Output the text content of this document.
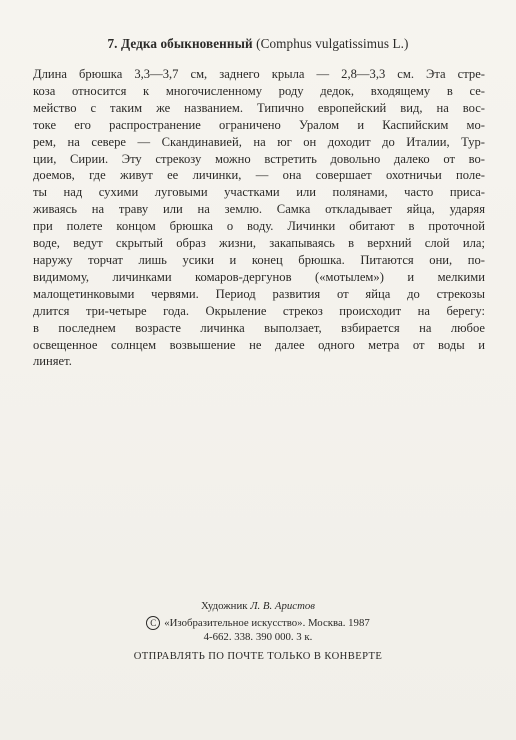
7. Дедка обыкновенный (Comphus vulgatissimus L.)
Длина брюшка 3,3—3,7 см, заднего крыла — 2,8—3,3 см. Эта стре-
коза относится к многочисленному роду дедок, входящему в се-
мейство с таким же названием. Типично европейский вид, на вос-
токе его распространение ограничено Уралом и Каспийским мо-
рем, на севере — Скандинавией, на юг он доходит до Италии, Тур-
ции, Сирии. Эту стрекозу можно встретить довольно далеко от во-
доемов, где живут ее личинки, — она совершает охотничьи поле-
ты над сухими луговыми участками или полянами, часто присa-
живаясь на траву или на землю. Самка откладывает яйца, ударяя
при полете концом брюшка о воду. Личинки обитают в проточной
воде, ведут скрытый образ жизни, закапываясь в верхний слой ила;
наружу торчат лишь усики и конец брюшка. Питаются они, по-
видимому, личинками комаров-дергунов («мотылем») и мелкими
малощетинковыми червями. Период развития от яйца до стрекозы
длится три-четыре года. Окрыление стрекоз происходит на берегу:
в последнем возрасте личинка выползает, взбирается на любое
освещенное солнцем возвышение не далее одного метра от воды и
линяет.
Художник Л. В. Аристов
C «Изобразительное искусство». Москва. 1987
4-662. 338. 390 000. 3 к.
ОТПРАВЛЯТЬ ПО ПОЧТЕ ТОЛЬКО В КОНВЕРТЕ
